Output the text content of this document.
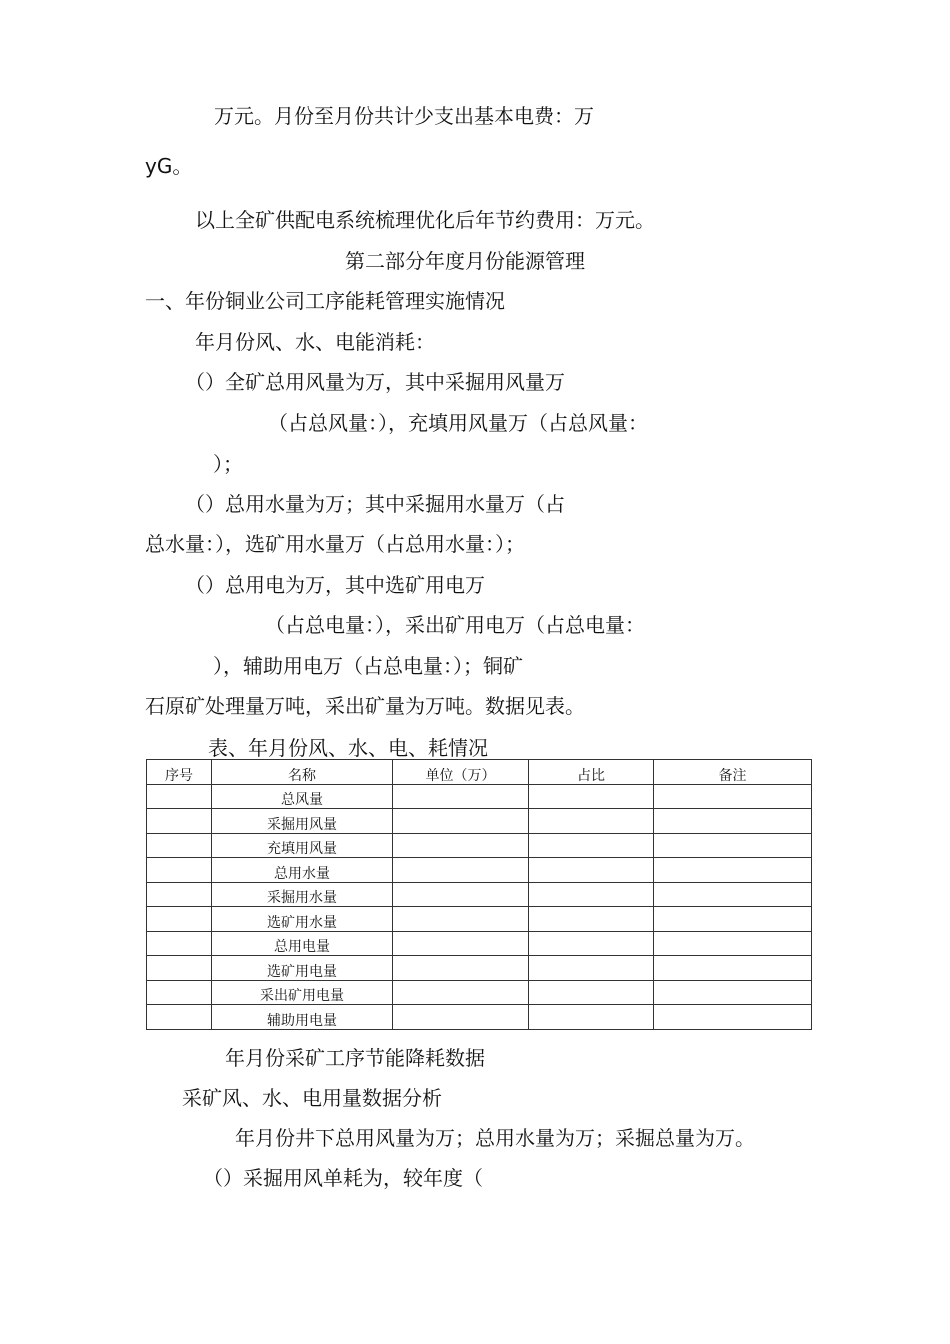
万元。月份至月份共计少支出基本电费：万
yG。
以上全矿供配电系统梳理优化后年节约费用：万元。
第二部分年度月份能源管理
一、年份铜业公司工序能耗管理实施情况
年月份风、水、电能消耗：
（）全矿总用风量为万，其中采掘用风量万
（占总风量：），充填用风量万（占总风量：
）；
（）总用水量为万；其中采掘用水量万（占
总水量：），选矿用水量万（占总用水量：）；
（）总用电为万，其中选矿用电万
（占总电量：），采出矿用电万（占总电量：
），辅助用电万（占总电量：）；铜矿
石原矿处理量万吨，采出矿量为万吨。数据见表。
表、年月份风、水、电、耗情况
序号	名称	单位（万）	占比	备注
	总风量			
	采掘用风量			
	充填用风量			
	总用水量			
	采掘用水量			
	选矿用水量			
	总用电量			
	选矿用电量			
	采出矿用电量			
	辅助用电量			
年月份采矿工序节能降耗数据
采矿风、水、电用量数据分析
年月份井下总用风量为万；总用水量为万；采掘总量为万。
（）采掘用风单耗为，较年度（
